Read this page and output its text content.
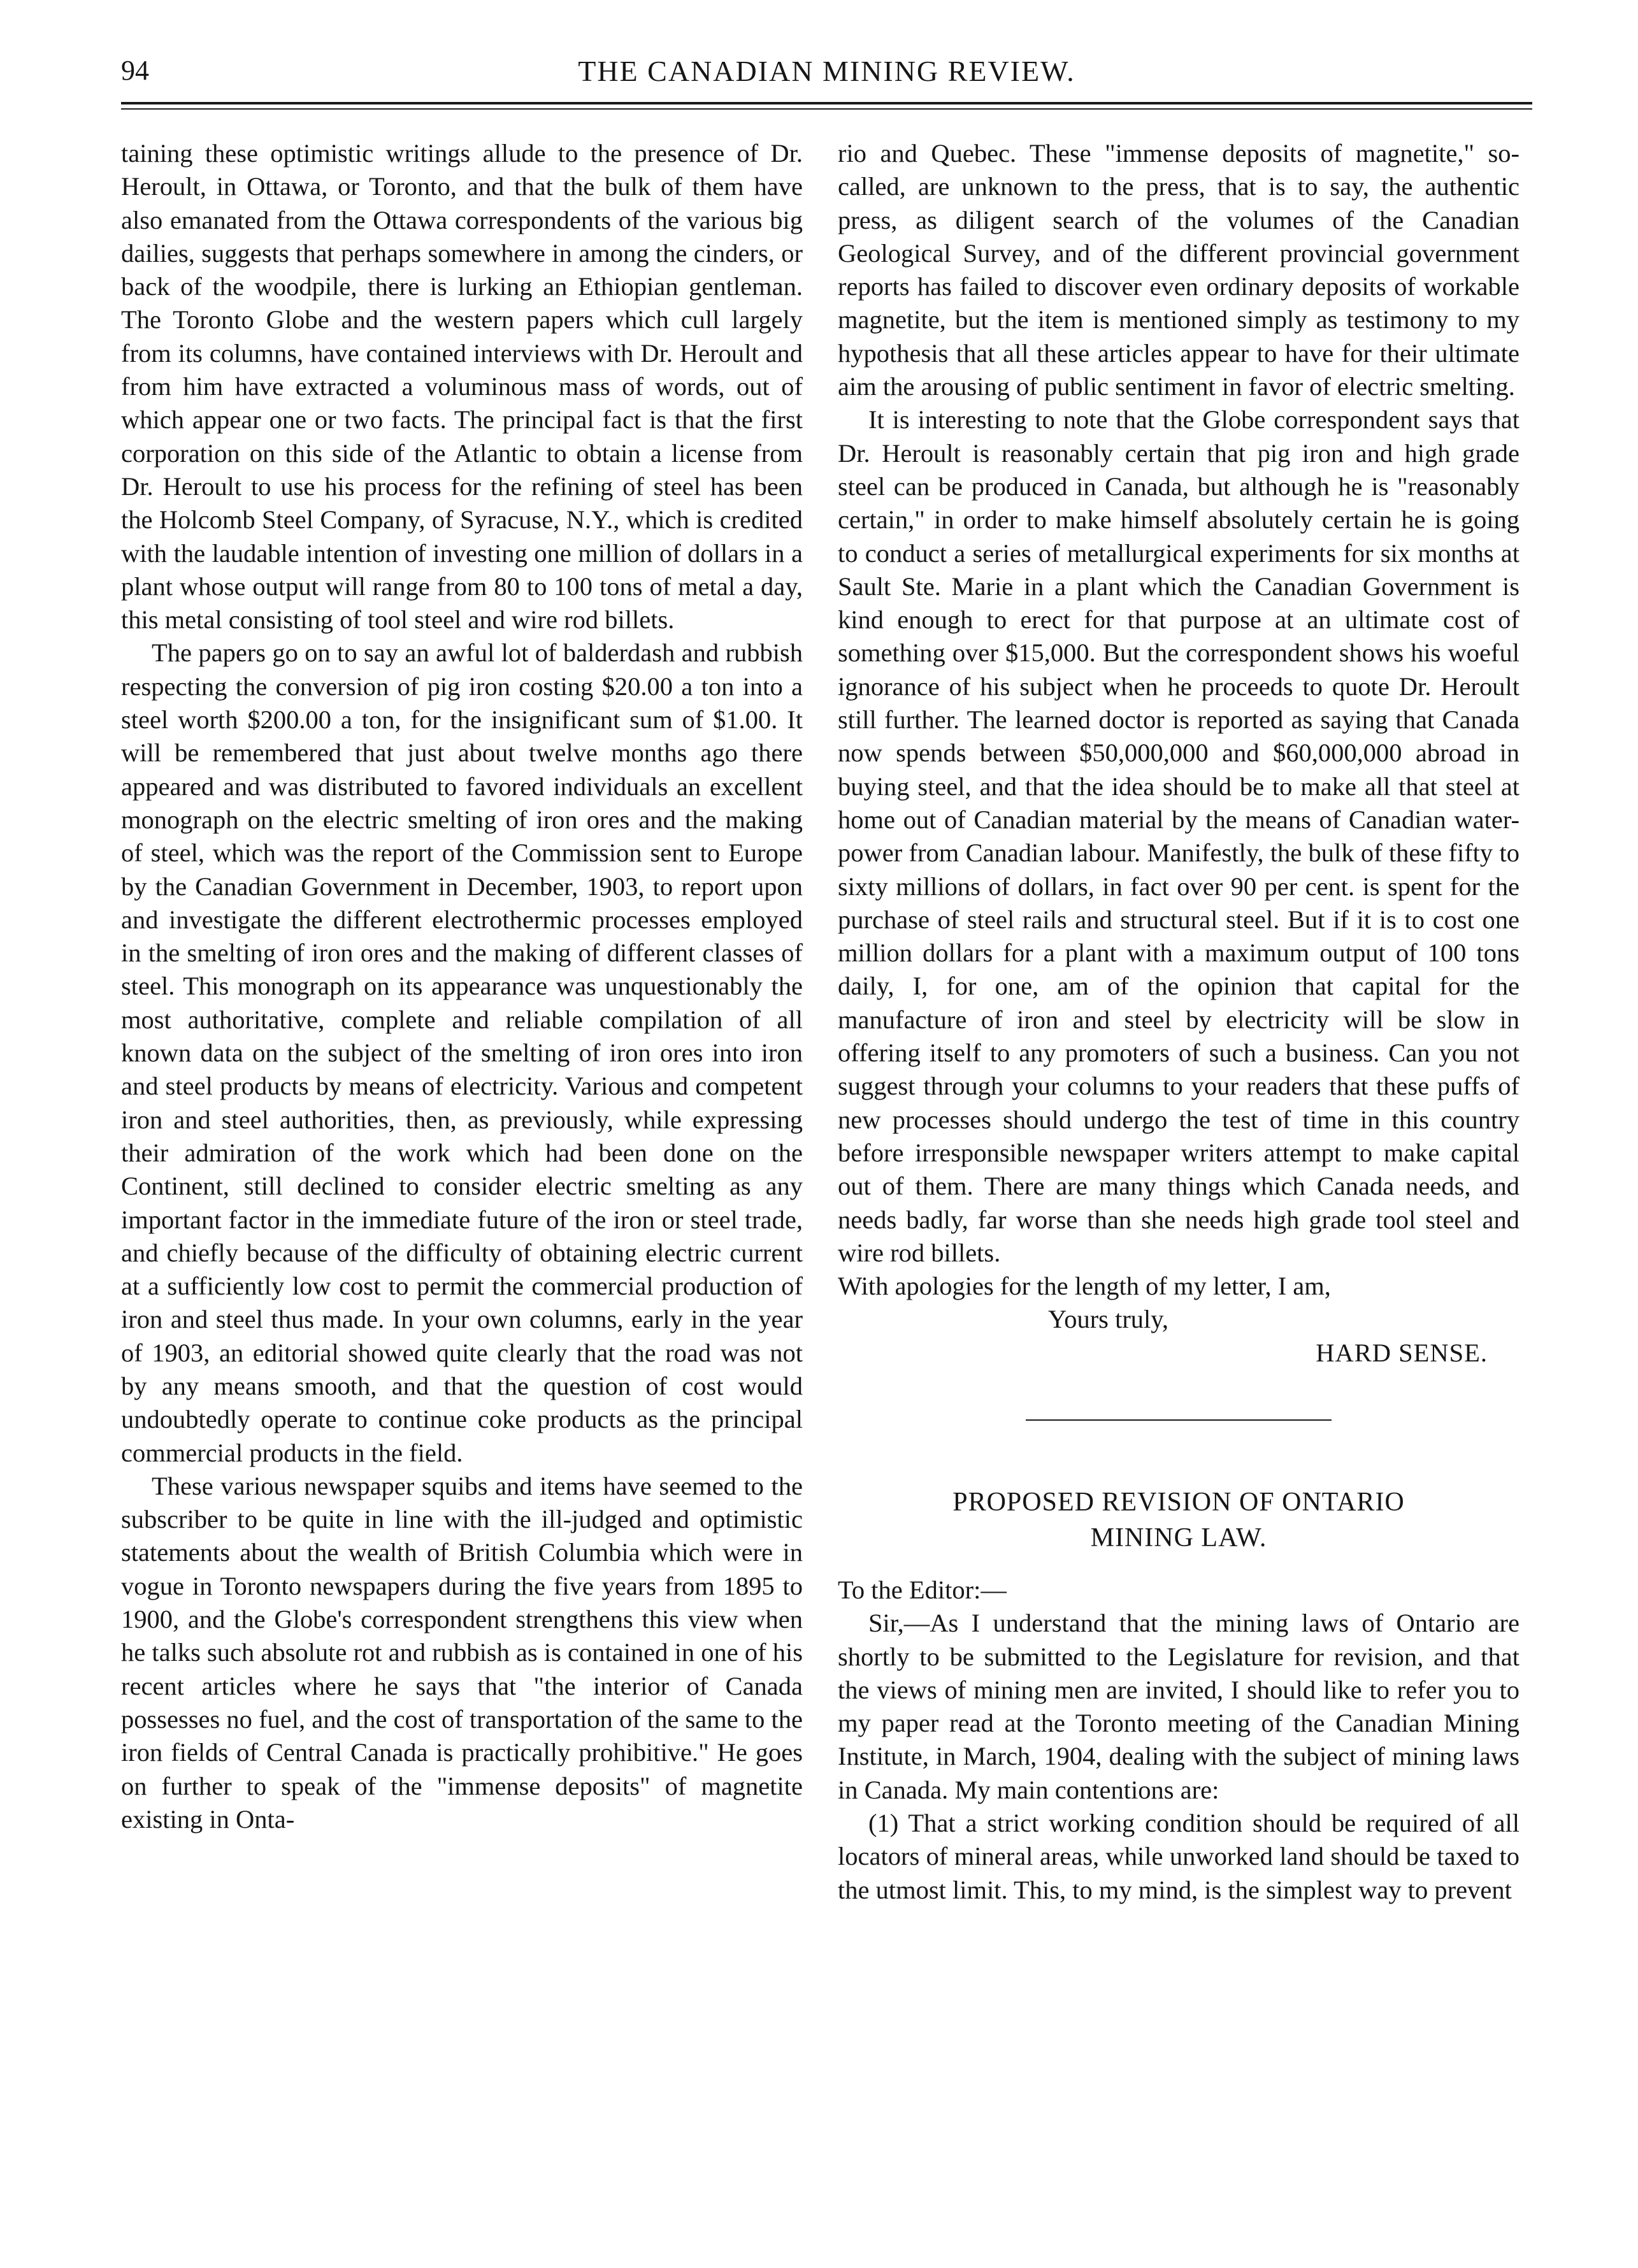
94	THE CANADIAN MINING REVIEW.

taining these optimistic writings allude to the presence of Dr. Heroult, in Ottawa, or Toronto, and that the bulk of them have also emanated from the Ottawa correspondents of the various big dailies, suggests that perhaps somewhere in among the cinders, or back of the woodpile, there is lurking an Ethiopian gentleman. The Toronto Globe and the western papers which cull largely from its columns, have contained interviews with Dr. Heroult and from him have extracted a voluminous mass of words, out of which appear one or two facts. The principal fact is that the first corporation on this side of the Atlantic to obtain a license from Dr. Heroult to use his process for the refining of steel has been the Holcomb Steel Company, of Syracuse, N.Y., which is credited with the laudable intention of investing one million of dollars in a plant whose output will range from 80 to 100 tons of metal a day, this metal consisting of tool steel and wire rod billets.

The papers go on to say an awful lot of balderdash and rubbish respecting the conversion of pig iron costing $20.00 a ton into a steel worth $200.00 a ton, for the insignificant sum of $1.00. It will be remembered that just about twelve months ago there appeared and was distributed to favored individuals an excellent monograph on the electric smelting of iron ores and the making of steel, which was the report of the Commission sent to Europe by the Canadian Government in December, 1903, to report upon and investigate the different electrothermic processes employed in the smelting of iron ores and the making of different classes of steel. This monograph on its appearance was unquestionably the most authoritative, complete and reliable compilation of all known data on the subject of the smelting of iron ores into iron and steel products by means of electricity. Various and competent iron and steel authorities, then, as previously, while expressing their admiration of the work which had been done on the Continent, still declined to consider electric smelting as any important factor in the immediate future of the iron or steel trade, and chiefly because of the difficulty of obtaining electric current at a sufficiently low cost to permit the commercial production of iron and steel thus made. In your own columns, early in the year of 1903, an editorial showed quite clearly that the road was not by any means smooth, and that the question of cost would undoubtedly operate to continue coke products as the principal commercial products in the field.

These various newspaper squibs and items have seemed to the subscriber to be quite in line with the ill-judged and optimistic statements about the wealth of British Columbia which were in vogue in Toronto newspapers during the five years from 1895 to 1900, and the Globe's correspondent strengthens this view when he talks such absolute rot and rubbish as is contained in one of his recent articles where he says that "the interior of Canada possesses no fuel, and the cost of transportation of the same to the iron fields of Central Canada is practically prohibitive." He goes on further to speak of the "immense deposits" of magnetite existing in Onta-

rio and Quebec. These "immense deposits of magnetite," so-called, are unknown to the press, that is to say, the authentic press, as diligent search of the volumes of the Canadian Geological Survey, and of the different provincial government reports has failed to discover even ordinary deposits of workable magnetite, but the item is mentioned simply as testimony to my hypothesis that all these articles appear to have for their ultimate aim the arousing of public sentiment in favor of electric smelting.

It is interesting to note that the Globe correspondent says that Dr. Heroult is reasonably certain that pig iron and high grade steel can be produced in Canada, but although he is "reasonably certain," in order to make himself absolutely certain he is going to conduct a series of metallurgical experiments for six months at Sault Ste. Marie in a plant which the Canadian Government is kind enough to erect for that purpose at an ultimate cost of something over $15,000. But the correspondent shows his woeful ignorance of his subject when he proceeds to quote Dr. Heroult still further. The learned doctor is reported as saying that Canada now spends between $50,000,000 and $60,000,000 abroad in buying steel, and that the idea should be to make all that steel at home out of Canadian material by the means of Canadian water-power from Canadian labour. Manifestly, the bulk of these fifty to sixty millions of dollars, in fact over 90 per cent. is spent for the purchase of steel rails and structural steel. But if it is to cost one million dollars for a plant with a maximum output of 100 tons daily, I, for one, am of the opinion that capital for the manufacture of iron and steel by electricity will be slow in offering itself to any promoters of such a business. Can you not suggest through your columns to your readers that these puffs of new processes should undergo the test of time in this country before irresponsible newspaper writers attempt to make capital out of them. There are many things which Canada needs, and needs badly, far worse than she needs high grade tool steel and wire rod billets.

With apologies for the length of my letter, I am,

Yours truly,

HARD SENSE.

PROPOSED REVISION OF ONTARIO
MINING LAW.

To the Editor:—

Sir,—As I understand that the mining laws of Ontario are shortly to be submitted to the Legislature for revision, and that the views of mining men are invited, I should like to refer you to my paper read at the Toronto meeting of the Canadian Mining Institute, in March, 1904, dealing with the subject of mining laws in Canada. My main contentions are:

(1) That a strict working condition should be required of all locators of mineral areas, while unworked land should be taxed to the utmost limit. This, to my mind, is the simplest way to prevent
